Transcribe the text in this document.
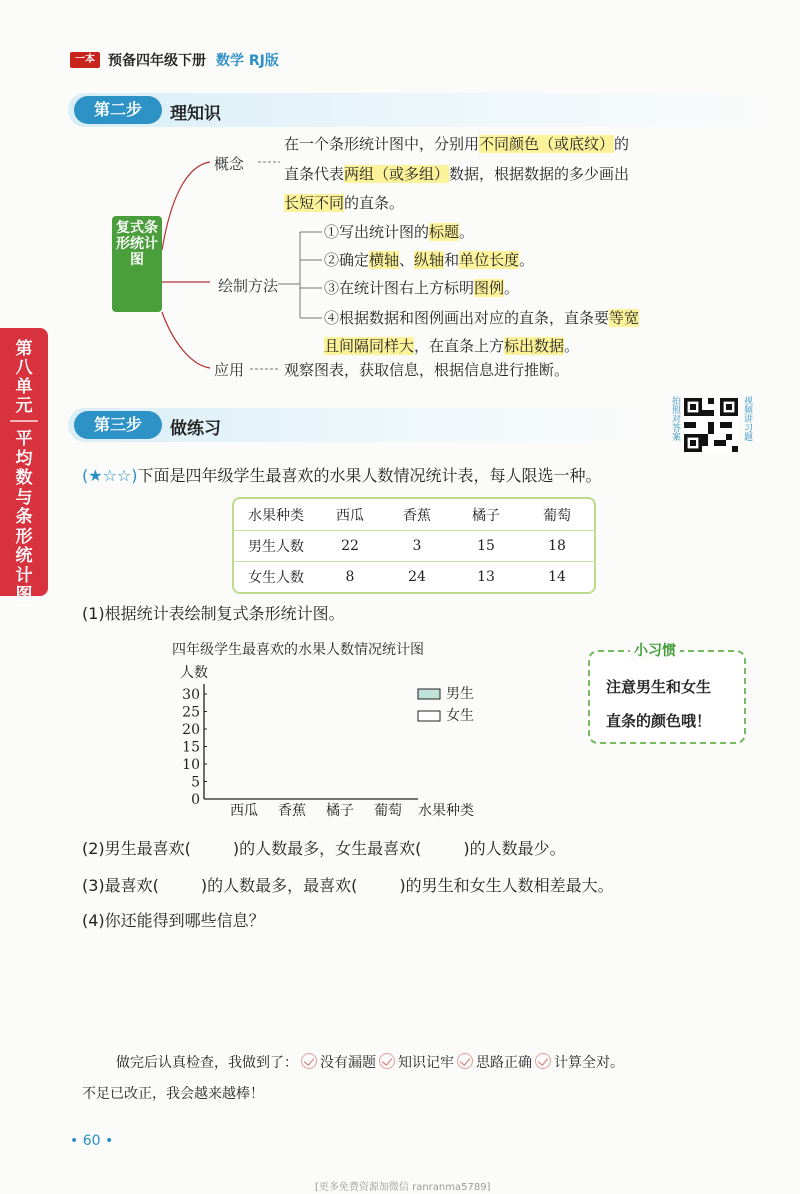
一本 预备四年级下册 数学 RJ版
第二步	理知识
第八单元
平均数与条形统计图
复式条形统计图
概念
绘制方法
应用
在一个条形统计图中，分别用不同颜色（或底纹）的
直条代表两组（或多组）数据，根据数据的多少画出
长短不同的直条。
①写出统计图的标题。
②确定横轴、纵轴和单位长度。
③在统计图右上方标明图例。
④根据数据和图例画出对应的直条，直条要等宽
且间隔同样大，在直条上方标出数据。
观察图表，获取信息，根据信息进行推断。
第三步	做练习	拍照对答案	视频讲习题
(★☆☆)下面是四年级学生最喜欢的水果人数情况统计表，每人限选一种。
水果种类	西瓜	香蕉	橘子	葡萄
男生人数	22	3	15	18
女生人数	8	24	13	14
(1)根据统计表绘制复式条形统计图。
四年级学生最喜欢的水果人数情况统计图
人数
0
5
10
15
20
25
30
西瓜 香蕉 橘子 葡萄 水果种类
男生
女生
小习惯
注意男生和女生
直条的颜色哦！
(2)男生最喜欢(	)的人数最多，女生最喜欢(	)的人数最少。
(3)最喜欢(	)的人数最多，最喜欢(	)的男生和女生人数相差最大。
(4)你还能得到哪些信息？
做完后认真检查，我做到了： 没有漏题 知识记牢 思路正确 计算全对。
不足已改正，我会越来越棒！
• 60 •
[更多免费资源加微信 ranranma5789]
